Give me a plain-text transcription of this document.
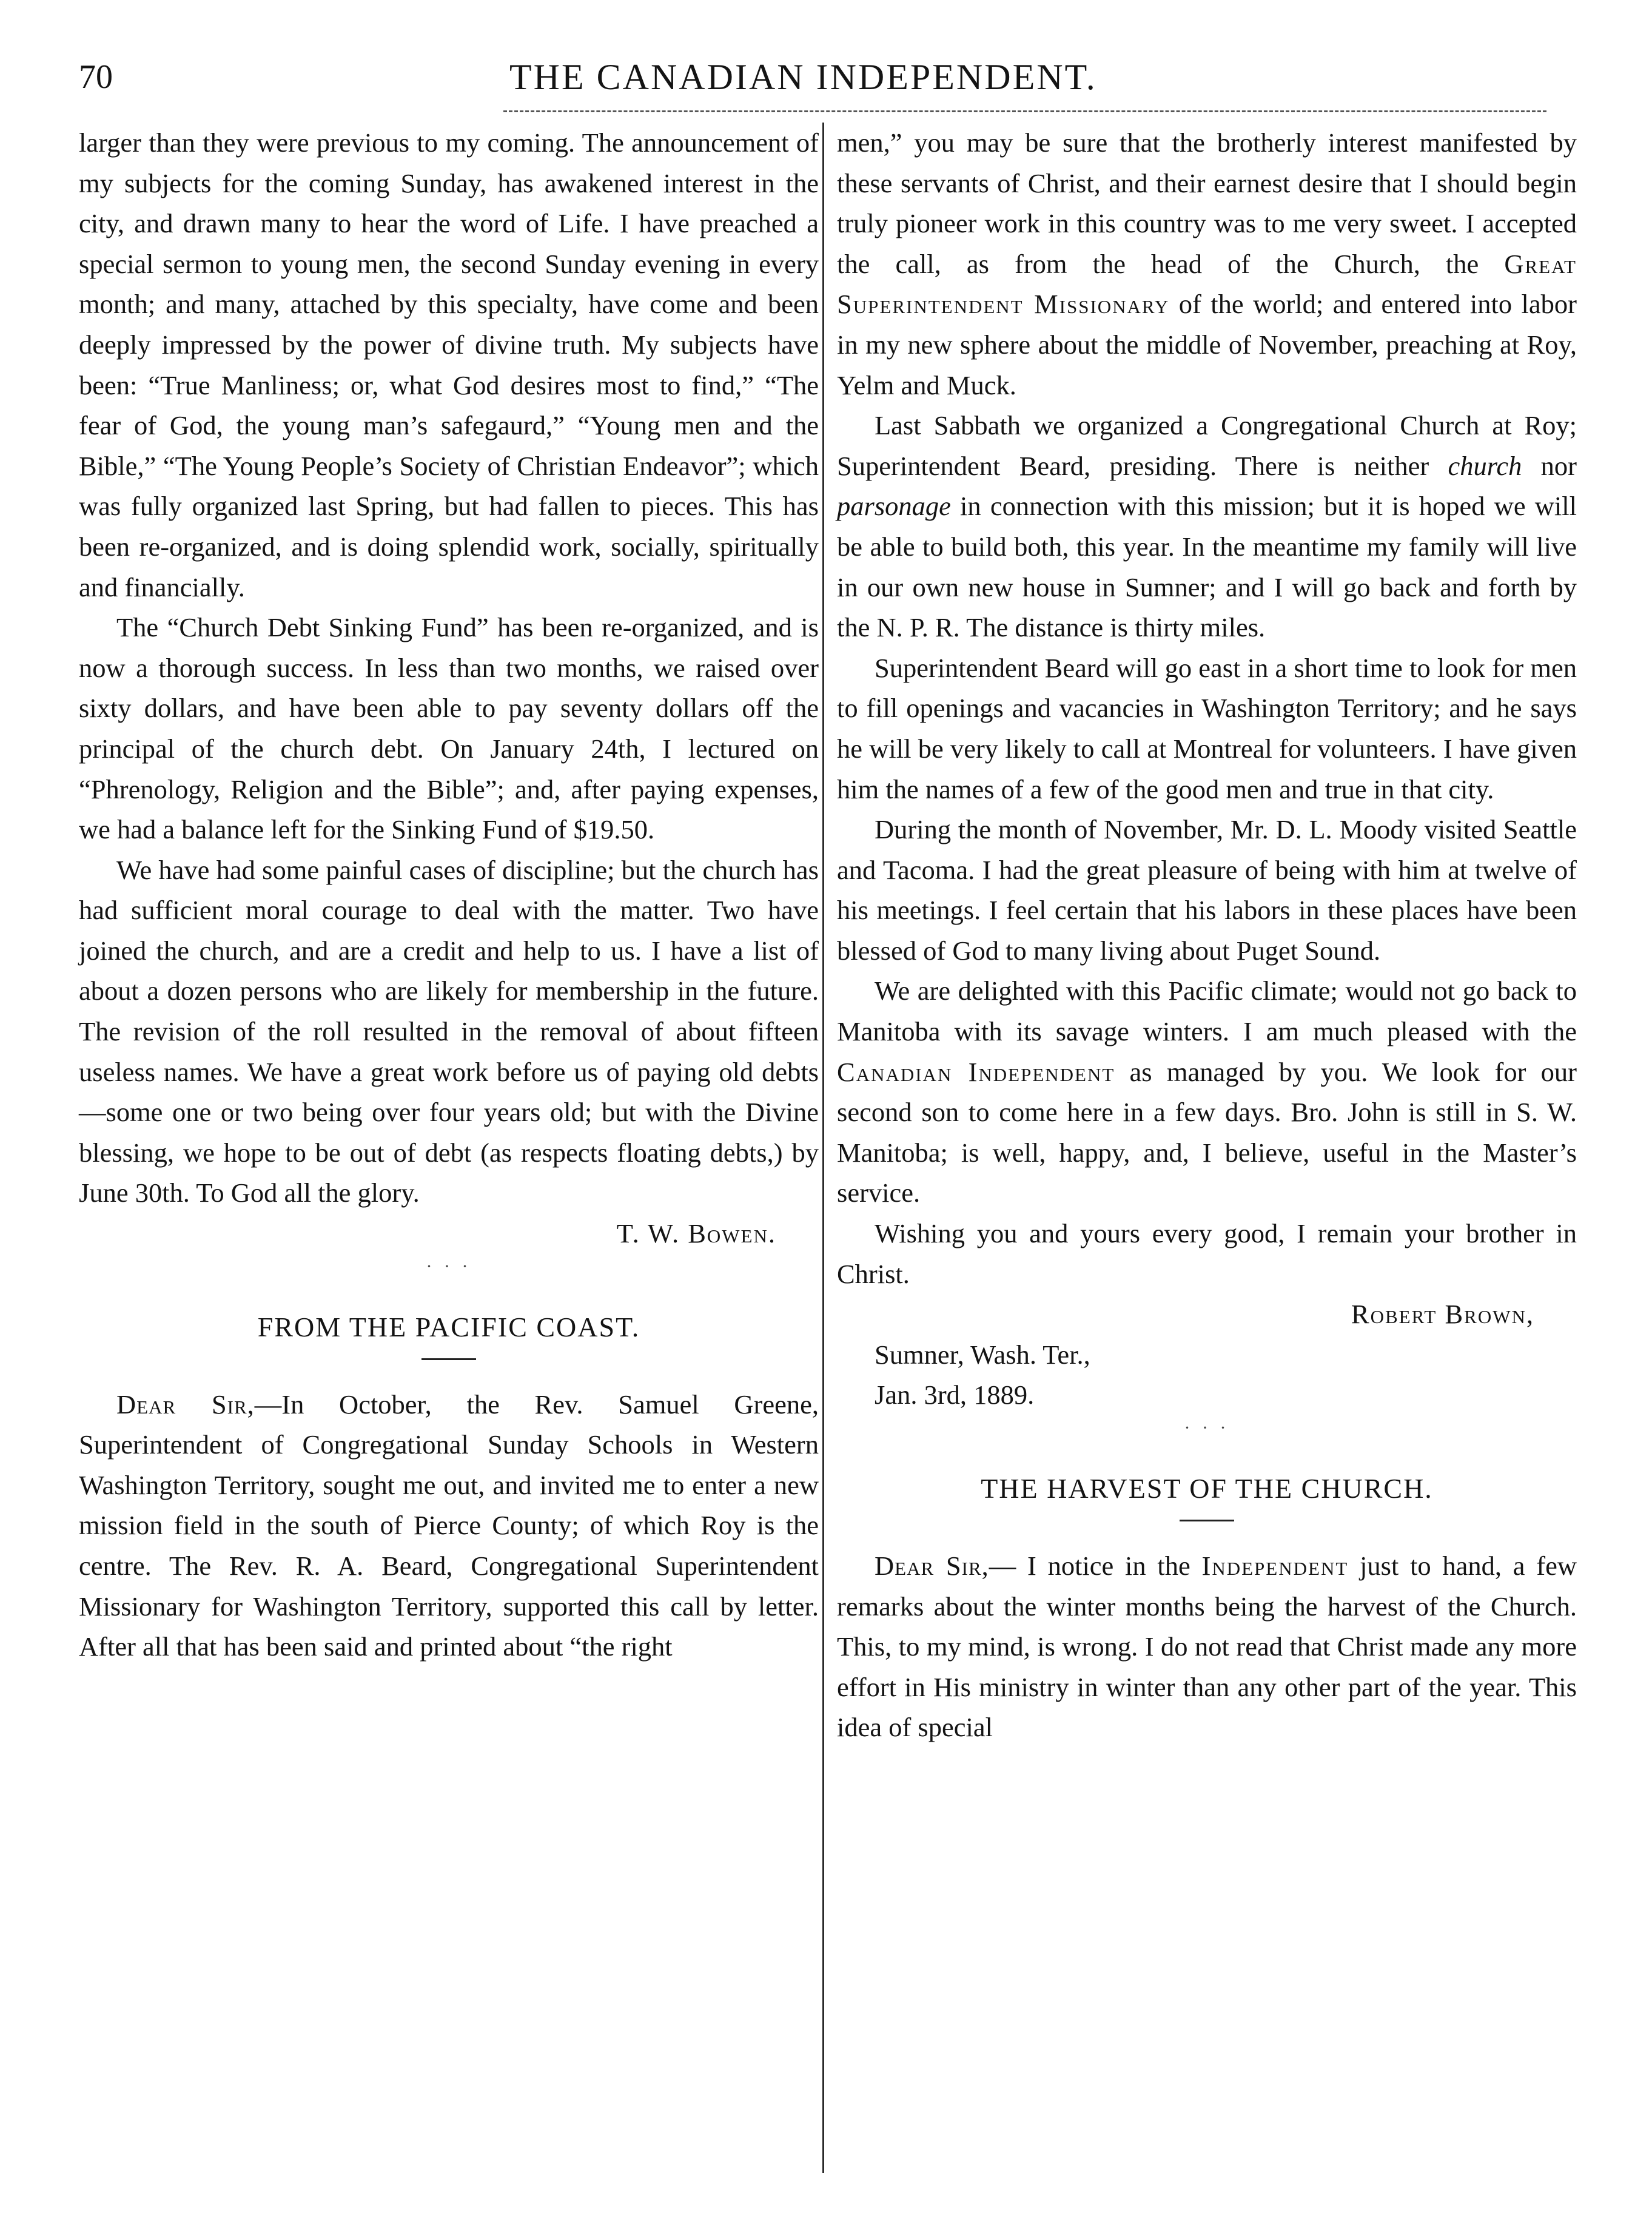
70	THE CANADIAN INDEPENDENT.

larger than they were previous to my coming. The announcement of my subjects for the coming Sunday, has awakened interest in the city, and drawn many to hear the word of Life. I have preached a special sermon to young men, the second Sunday evening in every month; and many, attached by this specialty, have come and been deeply impressed by the power of divine truth. My subjects have been: “True Manliness; or, what God desires most to find,” “The fear of God, the young man’s safegaurd,” “Young men and the Bible,” “The Young People’s Society of Christian Endeavor”; which was fully organized last Spring, but had fallen to pieces. This has been re-organized, and is doing splendid work, socially, spiritually and financially.

The “Church Debt Sinking Fund” has been re-organized, and is now a thorough success. In less than two months, we raised over sixty dollars, and have been able to pay seventy dollars off the principal of the church debt. On January 24th, I lectured on “Phrenology, Religion and the Bible”; and, after paying expenses, we had a balance left for the Sinking Fund of $19.50.

We have had some painful cases of discipline; but the church has had sufficient moral courage to deal with the matter. Two have joined the church, and are a credit and help to us. I have a list of about a dozen persons who are likely for membership in the future. The revision of the roll resulted in the removal of about fifteen useless names. We have a great work before us of paying old debts —some one or two being over four years old; but with the Divine blessing, we hope to be out of debt (as respects floating debts,) by June 30th. To God all the glory.

T. W. Bowen.

· · ·
FROM THE PACIFIC COAST.

Dear Sir,—In October, the Rev. Samuel Greene, Superintendent of Congregational Sunday Schools in Western Washington Territory, sought me out, and invited me to enter a new mission field in the south of Pierce County; of which Roy is the centre. The Rev. R. A. Beard, Congregational Superintendent Missionary for Washington Territory, supported this call by letter. After all that has been said and printed about “the right

men,” you may be sure that the brotherly interest manifested by these servants of Christ, and their earnest desire that I should begin truly pioneer work in this country was to me very sweet. I accepted the call, as from the head of the Church, the Great Superintendent Missionary of the world; and entered into labor in my new sphere about the middle of November, preaching at Roy, Yelm and Muck.

Last Sabbath we organized a Congregational Church at Roy; Superintendent Beard, presiding. There is neither church nor parsonage in connection with this mission; but it is hoped we will be able to build both, this year. In the meantime my family will live in our own new house in Sumner; and I will go back and forth by the N. P. R. The distance is thirty miles.

Superintendent Beard will go east in a short time to look for men to fill openings and vacancies in Washington Territory; and he says he will be very likely to call at Montreal for volunteers. I have given him the names of a few of the good men and true in that city.

During the month of November, Mr. D. L. Moody visited Seattle and Tacoma. I had the great pleasure of being with him at twelve of his meetings. I feel certain that his labors in these places have been blessed of God to many living about Puget Sound.

We are delighted with this Pacific climate; would not go back to Manitoba with its savage winters. I am much pleased with the Canadian Independent as managed by you. We look for our second son to come here in a few days. Bro. John is still in S. W. Manitoba; is well, happy, and, I believe, useful in the Master’s service.

Wishing you and yours every good, I remain your brother in Christ.

Robert Brown,

Sumner, Wash. Ter.,

Jan. 3rd, 1889.

· · ·
THE HARVEST OF THE CHURCH.

Dear Sir,— I notice in the Independent just to hand, a few remarks about the winter months being the harvest of the Church. This, to my mind, is wrong. I do not read that Christ made any more effort in His ministry in winter than any other part of the year. This idea of special
